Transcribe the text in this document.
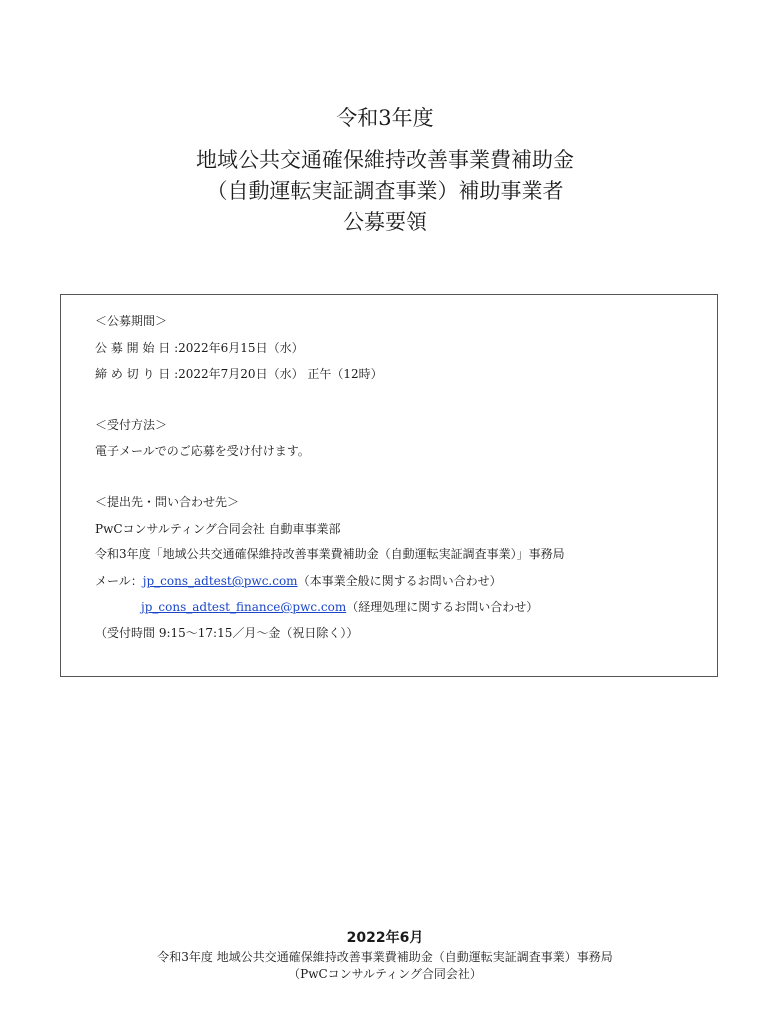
令和3年度
地域公共交通確保維持改善事業費補助金
（自動運転実証調査事業）補助事業者
公募要領
＜公募期間＞
公 募 開 始 日 :2022年6月15日（水）
締 め 切 り 日 :2022年7月20日（水） 正午（12時）
＜受付方法＞
電子メールでのご応募を受け付けます。
＜提出先・問い合わせ先＞
PwCコンサルティング合同会社 自動車事業部
令和3年度「地域公共交通確保維持改善事業費補助金（自動運転実証調査事業）」事務局
メール：jp_cons_adtest@pwc.com（本事業全般に関するお問い合わせ）
jp_cons_adtest_finance@pwc.com（経理処理に関するお問い合わせ）
（受付時間 9:15～17:15／月～金（祝日除く））
2022年6月
令和3年度 地域公共交通確保維持改善事業費補助金（自動運転実証調査事業）事務局
（PwCコンサルティング合同会社）
